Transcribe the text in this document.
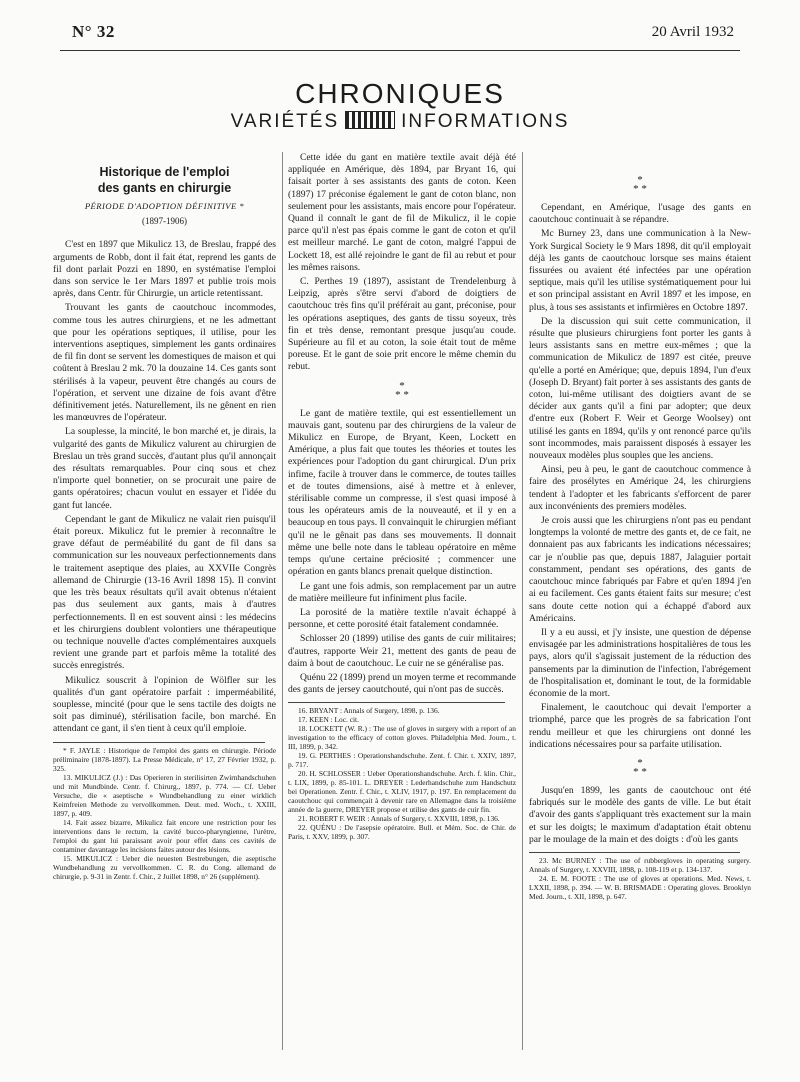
N° 32	20 Avril 1932
CHRONIQUES
VARIÉTÉS	INFORMATIONS
Historique de l'emploi
des gants en chirurgie
PÉRIODE D'ADOPTION DÉFINITIVE *
(1897-1906)

C'est en 1897 que Mikulicz 13, de Breslau, frappé des arguments de Robb, dont il fait état, reprend les gants de fil dont parlait Pozzi en 1890, en systématise l'emploi dans son service le 1er Mars 1897 et publie trois mois après, dans Centr. für Chirurgie, un article retentissant.

Trouvant les gants de caoutchouc incommodes, comme tous les autres chirurgiens, et ne les admettant que pour les opérations septiques, il utilise, pour les interventions aseptiques, simplement les gants ordinaires de fil fin dont se servent les domestiques de maison et qui coûtent à Breslau 2 mk. 70 la douzaine 14. Ces gants sont stérilisés à la vapeur, peuvent être changés au cours de l'opération, et servent une dizaine de fois avant d'être définitivement jetés. Naturellement, ils ne gênent en rien les manœuvres de l'opérateur.

La souplesse, la mincité, le bon marché et, je dirais, la vulgarité des gants de Mikulicz valurent au chirurgien de Breslau un très grand succès, d'autant plus qu'il annonçait des résultats remarquables. Pour cinq sous et chez n'importe quel bonnetier, on se procurait une paire de gants opératoires; chacun voulut en essayer et l'idée du gant fut lancée.

Cependant le gant de Mikulicz ne valait rien puisqu'il était poreux. Mikulicz fut le premier à reconnaître le grave défaut de perméabilité du gant de fil dans sa communication sur les nouveaux perfectionnements dans le traitement aseptique des plaies, au XXVIIe Congrès allemand de Chirurgie (13-16 Avril 1898 15). Il convint que les très beaux résultats qu'il avait obtenus n'étaient pas dus seulement aux gants, mais à d'autres perfectionnements. Il en est souvent ainsi : les médecins et les chirurgiens doublent volontiers une thérapeutique ou technique nouvelle d'actes complémentaires auxquels revient une grande part et parfois même la totalité des succès enregistrés.

Mikulicz souscrit à l'opinion de Wölfler sur les qualités d'un gant opératoire parfait : imperméabilité, souplesse, mincité (pour que le sens tactile des doigts ne soit pas diminué), stérilisation facile, bon marché. En attendant ce gant, il s'en tient à ceux qu'il emploie.

* F. JAYLE : Historique de l'emploi des gants en chirurgie. Période préliminaire (1878-1897). La Presse Médicale, n° 17, 27 Février 1932, p. 325.

13. MIKULICZ (J.) : Das Operieren in sterilisirten Zwirnhandschuhen und mit Mundbinde. Centr. f. Chirurg., 1897, p. 774. — Cf. Ueber Versuche, die « aseptische » Wundbehandlung zu einer wirklich Keimfreien Methode zu vervollkommen. Deut. med. Woch., t. XXIII, 1897, p. 409.

14. Fait assez bizarre, Mikulicz fait encore une restriction pour les interventions dans le rectum, la cavité bucco-pharyngienne, l'urètre, l'emploi du gant lui paraissant avoir pour effet dans ces cavités de contaminer davantage les incisions faites autour des lésions.

15. MIKULICZ : Ueber die neuesten Bestrebungen, die aseptische Wundbehandlung zu vervollkommen. C. R. du Cong. allemand de chirurgie, p. 9-31 in Zentr. f. Chir., 2 Juillet 1898, n° 26 (supplément).

Cette idée du gant en matière textile avait déjà été appliquée en Amérique, dès 1894, par Bryant 16, qui faisait porter à ses assistants des gants de coton. Keen (1897) 17 préconise également le gant de coton blanc, non seulement pour les assistants, mais encore pour l'opérateur. Quand il connaît le gant de fil de Mikulicz, il le copie parce qu'il n'est pas épais comme le gant de coton et qu'il est meilleur marché. Le gant de coton, malgré l'appui de Lockett 18, est allé rejoindre le gant de fil au rebut et pour les mêmes raisons.

C. Perthes 19 (1897), assistant de Trendelenburg à Leipzig, après s'être servi d'abord de doigtiers de caoutchouc très fins qu'il préférait au gant, préconise, pour les opérations aseptiques, des gants de tissu soyeux, très fin et très dense, remontant presque jusqu'au coude. Supérieure au fil et au coton, la soie était tout de même poreuse. Et le gant de soie prit encore le même chemin du rebut.

*
* *

Le gant de matière textile, qui est essentiellement un mauvais gant, soutenu par des chirurgiens de la valeur de Mikulicz en Europe, de Bryant, Keen, Lockett en Amérique, a plus fait que toutes les théories et toutes les expériences pour l'adoption du gant chirurgical. D'un prix infime, facile à trouver dans le commerce, de toutes tailles et de toutes dimensions, aisé à mettre et à enlever, stérilisable comme un compresse, il s'est quasi imposé à tous les opérateurs amis de la nouveauté, et il y en a beaucoup en tous pays. Il convainquit le chirurgien méfiant qu'il ne le gênait pas dans ses mouvements. Il donnait même une belle note dans le tableau opératoire en même temps qu'une certaine préciosité ; commencer une opération en gants blancs prenait quelque distinction.

Le gant une fois admis, son remplacement par un autre de matière meilleure fut infiniment plus facile.

La porosité de la matière textile n'avait échappé à personne, et cette porosité était fatalement condamnée.

Schlosser 20 (1899) utilise des gants de cuir militaires; d'autres, rapporte Weir 21, mettent des gants de peau de daim à bout de caoutchouc. Le cuir ne se généralise pas.

Quénu 22 (1899) prend un moyen terme et recommande des gants de jersey caoutchouté, qui n'ont pas de succès.

16. BRYANT : Annals of Surgery, 1898, p. 136.

17. KEEN : Loc. cit.

18. LOCKETT (W. R.) : The use of gloves in surgery with a report of an investigation to the efficacy of cotton gloves. Philadelphia Med. Journ., t. III, 1899, p. 342.

19. G. PERTHES : Operationshandschuhe. Zent. f. Chir. t. XXIV, 1897, p. 717.

20. H. SCHLOSSER : Ueber Operationshandschuhe. Arch. f. klin. Chir., t. LIX, 1899, p. 85-101. L. DREYER : Lederhandschuhe zum Handschutz bei Operationen. Zentr. f. Chir., t. XLIV, 1917, p. 197. En remplacement du caoutchouc qui commençait à devenir rare en Allemagne dans la troisième année de la guerre, DREYER propose et utilise des gants de cuir fin.

21. ROBERT F. WEIR : Annals of Surgery, t. XXVIII, 1898, p. 136.

22. QUÉNU : De l'asepsie opératoire. Bull. et Mém. Soc. de Chir. de Paris, t. XXV, 1899, p. 307.

*
* *

Cependant, en Amérique, l'usage des gants en caoutchouc continuait à se répandre.

Mc Burney 23, dans une communication à la New-York Surgical Society le 9 Mars 1898, dit qu'il employait déjà les gants de caoutchouc lorsque ses mains étaient fissurées ou avaient été infectées par une opération septique, mais qu'il les utilise systématiquement pour lui et son principal assistant en Avril 1897 et les impose, en plus, à tous ses assistants et infirmières en Octobre 1897.

De la discussion qui suit cette communication, il résulte que plusieurs chirurgiens font porter les gants à leurs assistants sans en mettre eux-mêmes ; que la communication de Mikulicz de 1897 est citée, preuve qu'elle a porté en Amérique; que, depuis 1894, l'un d'eux (Joseph D. Bryant) fait porter à ses assistants des gants de coton, lui-même utilisant des doigtiers avant de se décider aux gants qu'il a fini par adopter; que deux d'entre eux (Robert F. Weir et George Woolsey) ont utilisé les gants en 1894, qu'ils y ont renoncé parce qu'ils sont incommodes, mais paraissent disposés à essayer les nouveaux modèles plus souples que les anciens.

Ainsi, peu à peu, le gant de caoutchouc commence à faire des prosélytes en Amérique 24, les chirurgiens tendent à l'adopter et les fabricants s'efforcent de parer aux inconvénients des premiers modèles.

Je crois aussi que les chirurgiens n'ont pas eu pendant longtemps la volonté de mettre des gants et, de ce fait, ne donnaient pas aux fabricants les indications nécessaires; car je n'oublie pas que, depuis 1887, Jalaguier portait constamment, pendant ses opérations, des gants de caoutchouc mince fabriqués par Fabre et qu'en 1894 j'en ai eu facilement. Ces gants étaient faits sur mesure; c'est sans doute cette notion qui a échappé d'abord aux Américains.

Il y a eu aussi, et j'y insiste, une question de dépense envisagée par les administrations hospitalières de tous les pays, alors qu'il s'agissait justement de la réduction des pansements par la diminution de l'infection, l'abrégement de l'hospitalisation et, dominant le tout, de la formidable économie de la mort.

Finalement, le caoutchouc qui devait l'emporter a triomphé, parce que les progrès de sa fabrication l'ont rendu meilleur et que les chirurgiens ont donné les indications nécessaires pour sa parfaite utilisation.

*
* *

Jusqu'en 1899, les gants de caoutchouc ont été fabriqués sur le modèle des gants de ville. Le but était d'avoir des gants s'appliquant très exactement sur la main et sur les doigts; le maximum d'adaptation était obtenu par le moulage de la main et des doigts : d'où les gants

23. Mc BURNEY : The use of rubbergloves in operating surgery. Annals of Surgery, t. XXVIII, 1898, p. 108-119 et p. 134-137.

24. E. M. FOOTE : The use of gloves at operations. Med. News, t. LXXII, 1898, p. 394. — W. B. BRISMADE : Operating gloves. Brooklyn Med. Journ., t. XII, 1898, p. 647.
